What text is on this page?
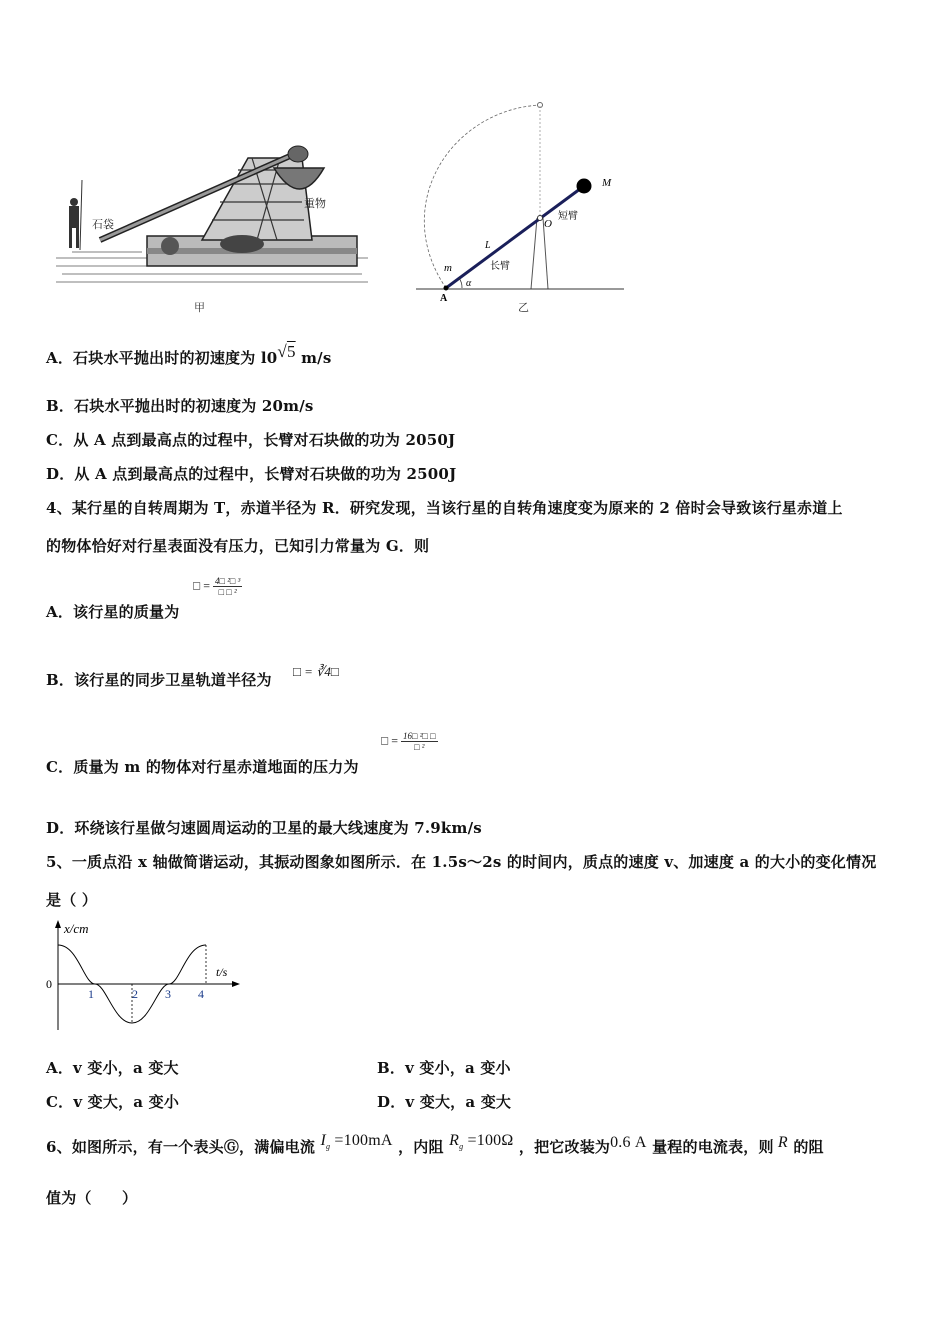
石袋
重物
甲
M
O
短臂
L
长臂
m
A
α
乙
A．石块水平抛出时的初速度为 l0√5 m/s
B．石块水平抛出时的初速度为 20m/s
C．从 A 点到最高点的过程中，长臂对石块做的功为 2050J
D．从 A 点到最高点的过程中，长臂对石块做的功为 2500J
4、某行星的自转周期为 T，赤道半径为 R．研究发现，当该行星的自转角速度变为原来的 2 倍时会导致该行星赤道上
的物体恰好对行星表面没有压力，已知引力常量为 G．则
A．该行星的质量为
□ = $\frac{\text{4□ ²□ ³}}{\text{□ □ ²}}$
B．该行星的同步卫星轨道半径为 □ = ∛4□
C．质量为 m 的物体对行星赤道地面的压力为
□ = $\frac{\text{16□ ²□ □}}{\text{□ ²}}$
D．环绕该行星做匀速圆周运动的卫星的最大线速度为 7.9km/s
5、一质点沿 x 轴做简谐运动，其振动图象如图所示．在 1.5s～2s 的时间内，质点的速度 v、加速度 a 的大小的变化情况
是（ ）
x/cm
t/s
0
1	2 3 4
A．v 变小，a 变大	B．v 变小，a 变小
C．v 变大，a 变小	D．v 变大，a 变大
6、如图所示，有一个表头Ⓖ，满偏电流 $I_g =100mA$ ，内阻 $R_g =100\Omega$ ，把它改装为0.6 A 量程的电流表，则 R 的阻
值为（　　）
